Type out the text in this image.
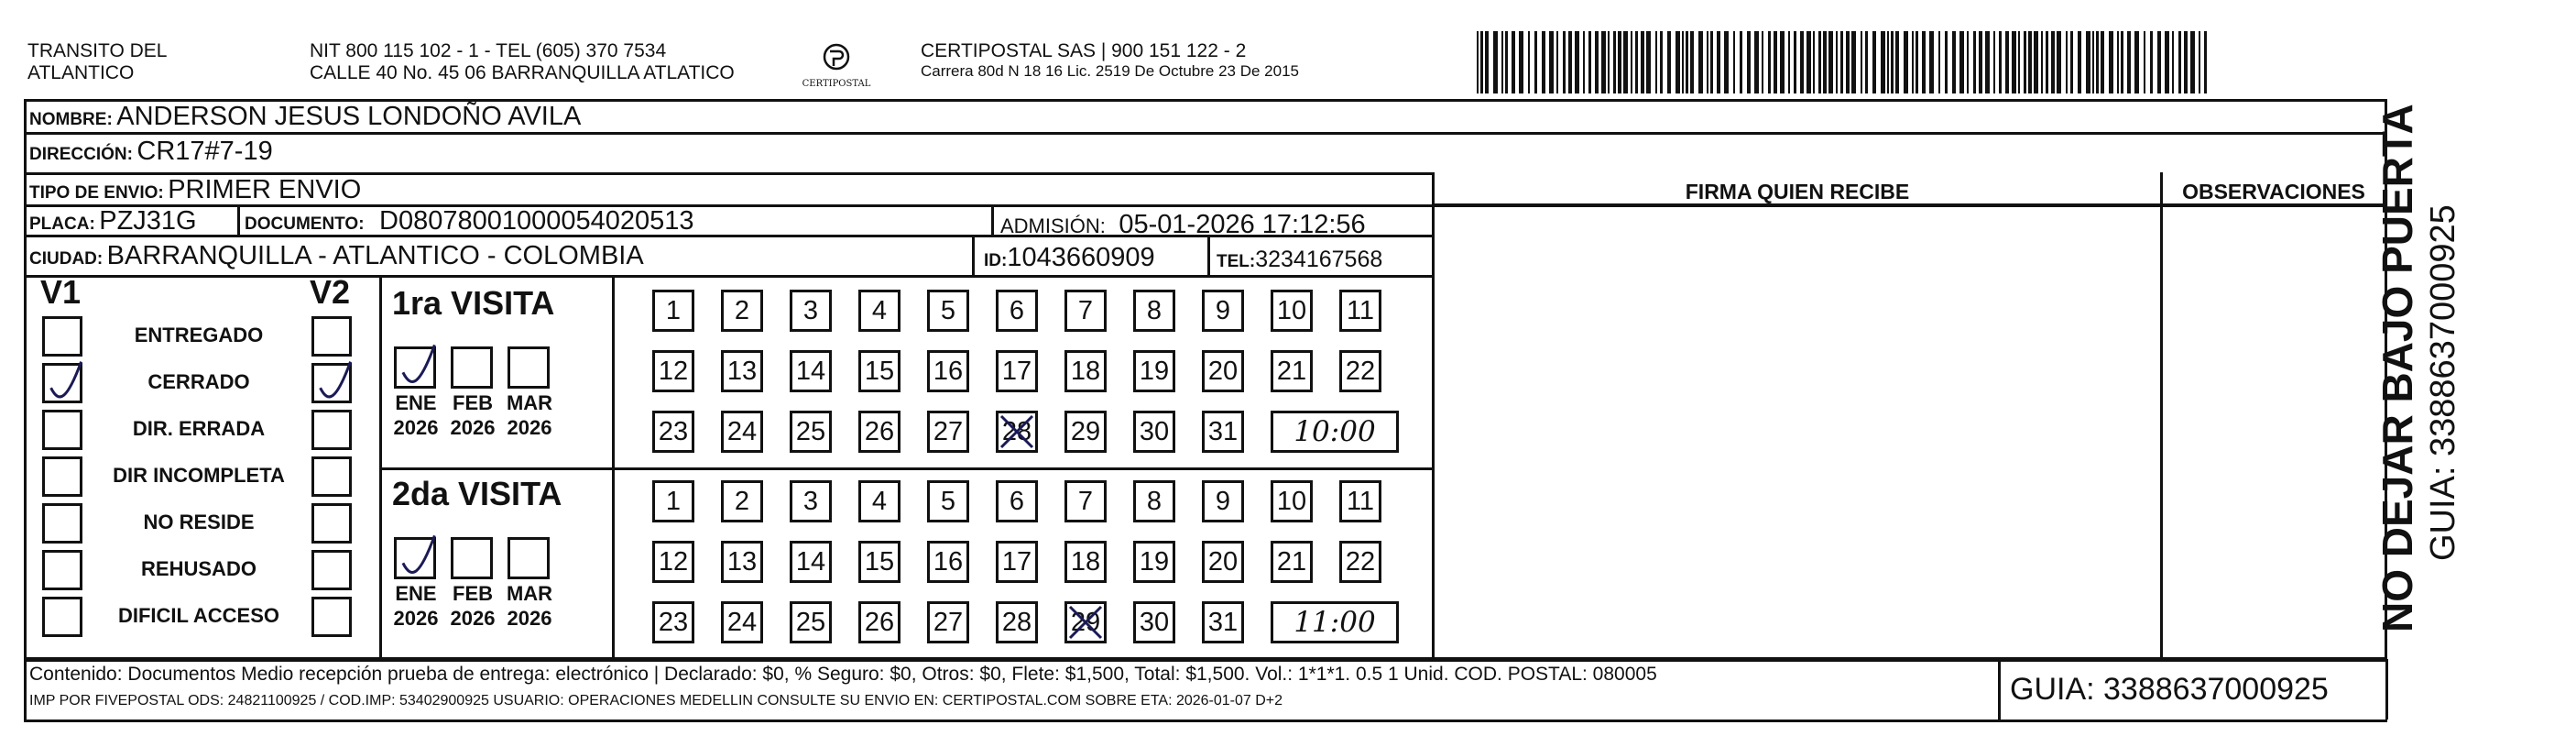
TRANSITO DEL
ATLANTICO
NIT 800 115 102 - 1 - TEL (605) 370 7534
CALLE 40 No. 45 06 BARRANQUILLA ATLATICO
CERTIPOSTAL
CERTIPOSTAL SAS | 900 151 122 - 2
Carrera 80d N 18 16 Lic. 2519 De Octubre 23 De 2015
NOMBRE: ANDERSON JESUS LONDOÑO AVILA
DIRECCIÓN: CR17#7-19
TIPO DE ENVIO: PRIMER ENVIO
PLACA: PZJ31G	DOCUMENTO: D08078001000054020513	ADMISIÓN: 05-01-2026 17:12:56
CIUDAD: BARRANQUILLA - ATLANTICO - COLOMBIA	ID:1043660909	TEL:3234167568
FIRMA QUIEN RECIBE	OBSERVACIONES
V1	V2
ENTREGADO
CERRADO
DIR. ERRADA
DIR INCOMPLETA
NO RESIDE
REHUSADO
DIFICIL ACCESO
1ra VISITA
ENE
2026
FEB
2026
MAR
2026
1	2	3	4	5	6	7	8	9	10 11
12 13 14 15 16 17 18 19 20 21 22
23 24 25 26 27 28 29 30 31	10:00
2da VISITA
ENE
2026
FEB
2026
MAR
2026
1	2	3	4	5	6	7	8	9	10 11
12 13 14 15 16 17 18 19 20 21 22
23 24 25 26 27 28 29 30 31	11:00
Contenido: Documentos Medio recepción prueba de entrega: electrónico | Declarado: $0, % Seguro: $0, Otros: $0, Flete: $1,500, Total: $1,500. Vol.: 1*1*1. 0.5 1 Unid. COD. POSTAL: 080005
IMP POR FIVEPOSTAL ODS: 24821100925 / COD.IMP: 53402900925 USUARIO: OPERACIONES MEDELLIN CONSULTE SU ENVIO EN: CERTIPOSTAL.COM SOBRE ETA: 2026-01-07 D+2	GUIA: 3388637000925
NO DEJAR BAJO PUERTA GUIA: 3388637000925
